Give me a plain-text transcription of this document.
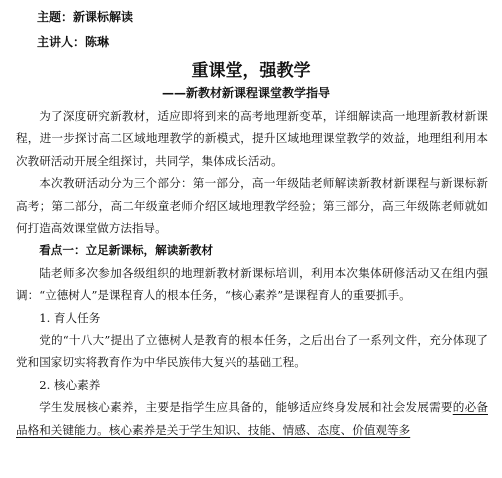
主题：新课标解读
主讲人：陈琳
重课堂，强教学
——新教材新课程课堂教学指导

为了深度研究新教材，适应即将到来的高考地理新变革，详细解读高一地理新教材新课程，进一步探讨高二区域地理教学的新模式，提升区域地理课堂教学的效益，地理组利用本次教研活动开展全组探讨，共同学，集体成长活动。

本次教研活动分为三个部分：第一部分，高一年级陆老师解读新教材新课程与新课标新高考；第二部分，高二年级童老师介绍区域地理教学经验；第三部分，高三年级陈老师就如何打造高效课堂做方法指导。

看点一：立足新课标，解读新教材

陆老师多次参加各级组织的地理新教材新课标培训，利用本次集体研修活动又在组内强调：“立德树人”是课程育人的根本任务，“核心素养”是课程育人的重要抓手。

1. 育人任务

党的“十八大”提出了立德树人是教育的根本任务，之后出台了一系列文件，充分体现了党和国家切实将教育作为中华民族伟大复兴的基础工程。

2. 核心素养

学生发展核心素养，主要是指学生应具备的，能够适应终身发展和社会发展需要的必备品格和关键能力。核心素养是关于学生知识、技能、情感、态度、价值观等多
